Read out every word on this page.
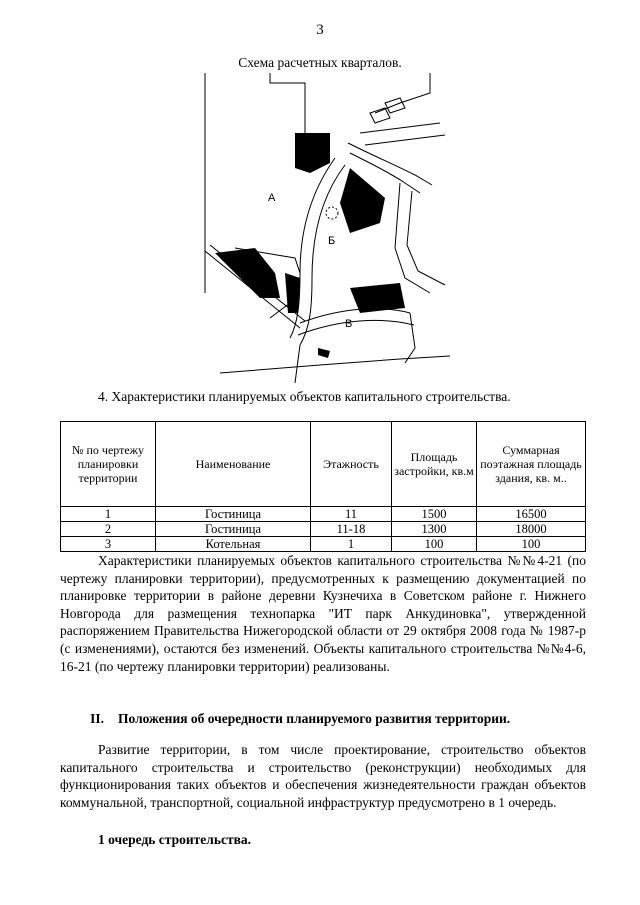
3
Схема расчетных кварталов.
А
Б
В
4. Характеристики планируемых объектов капитального строительства.
№ по чертежу планировки территории	Наименование	Этажность	Площадь застройки, кв.м	Суммарная поэтажная площадь здания, кв. м..
1	Гостиница	11	1500	16500
2	Гостиница	11-18	1300	18000
3	Котельная	1	100	100
Характеристики планируемых объектов капитального строительства №№4-21 (по чертежу планировки территории), предусмотренных к размещению документацией по планировке территории в районе деревни Кузнечиха в Советском районе г. Нижнего Новгорода для размещения технопарка "ИТ парк Анкудиновка", утвержденной распоряжением Правительства Нижегородской области от 29 октября 2008 года № 1987-р (с изменениями), остаются без изменений. Объекты капитального строительства №№4-6, 16-21 (по чертежу планировки территории) реализованы.
II. Положения об очередности планируемого развития территории.
Развитие территории, в том числе проектирование, строительство объектов капитального строительства и строительство (реконструкции) необходимых для функционирования таких объектов и обеспечения жизнедеятельности граждан объектов коммунальной, транспортной, социальной инфраструктур предусмотрено в 1 очередь.
1 очередь строительства.
